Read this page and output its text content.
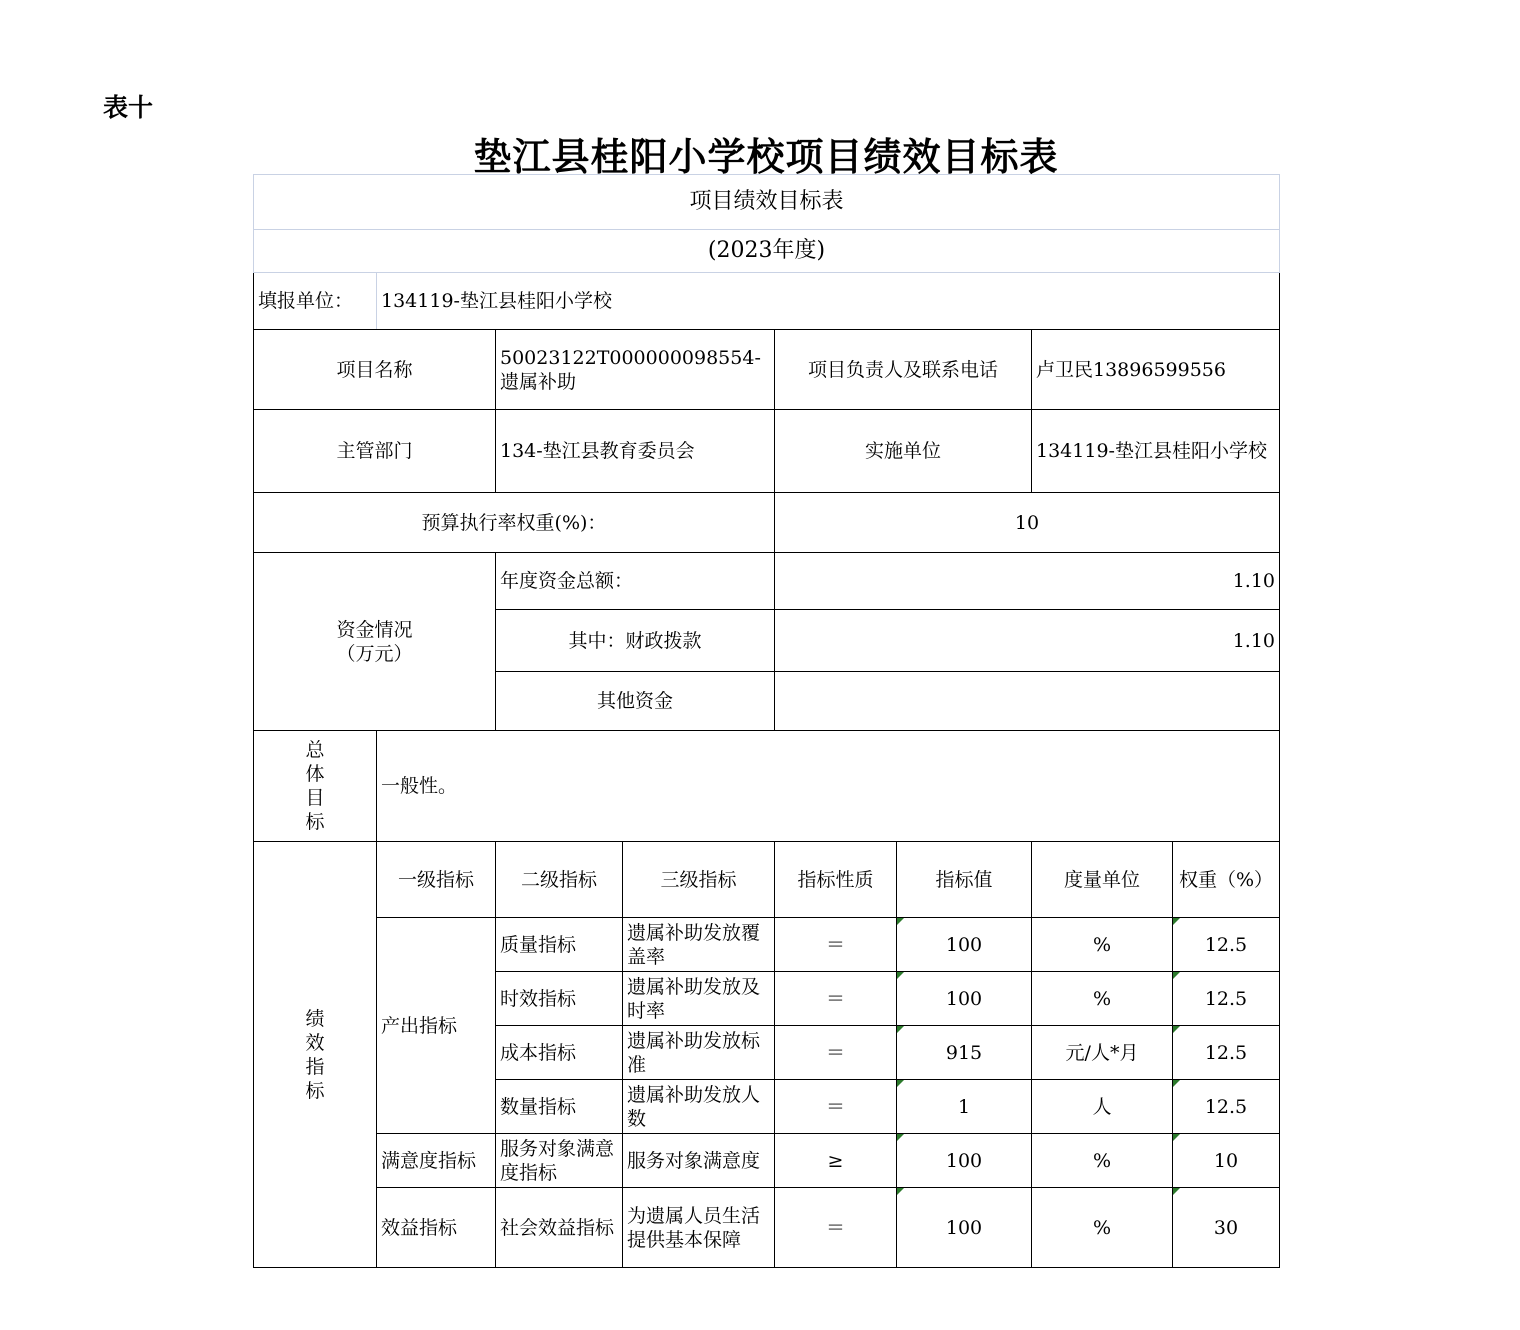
表十
垫江县桂阳小学校项目绩效目标表
项目绩效目标表							
(2023年度)							
填报单位：	134119-垫江县桂阳小学校						
项目名称		50023122T000000098554-遗属补助		项目负责人及联系电话		卢卫民13896599556	
主管部门		134-垫江县教育委员会		实施单位		134119-垫江县桂阳小学校	
预算执行率权重(%)：				10			

资金情况
（万元）		年度资金总额：		1.10			
		其中：财政拨款		1.10			
		其他资金					

总
体
目
标	一般性。						

绩
效
指
标	一级指标	二级指标	三级指标	指标性质	指标值	度量单位	权重（%）
	产出指标	质量指标	遗属补助发放覆盖率	＝	100	%	12.5
		时效指标	遗属补助发放及时率	＝	100	%	12.5
		成本指标	遗属补助发放标准	＝	915	元/人*月	12.5
		数量指标	遗属补助发放人数	＝	1	人	12.5
	满意度指标	服务对象满意度指标	服务对象满意度	≥	100	%	10
	效益指标	社会效益指标	为遗属人员生活提供基本保障	＝	100	%	30
